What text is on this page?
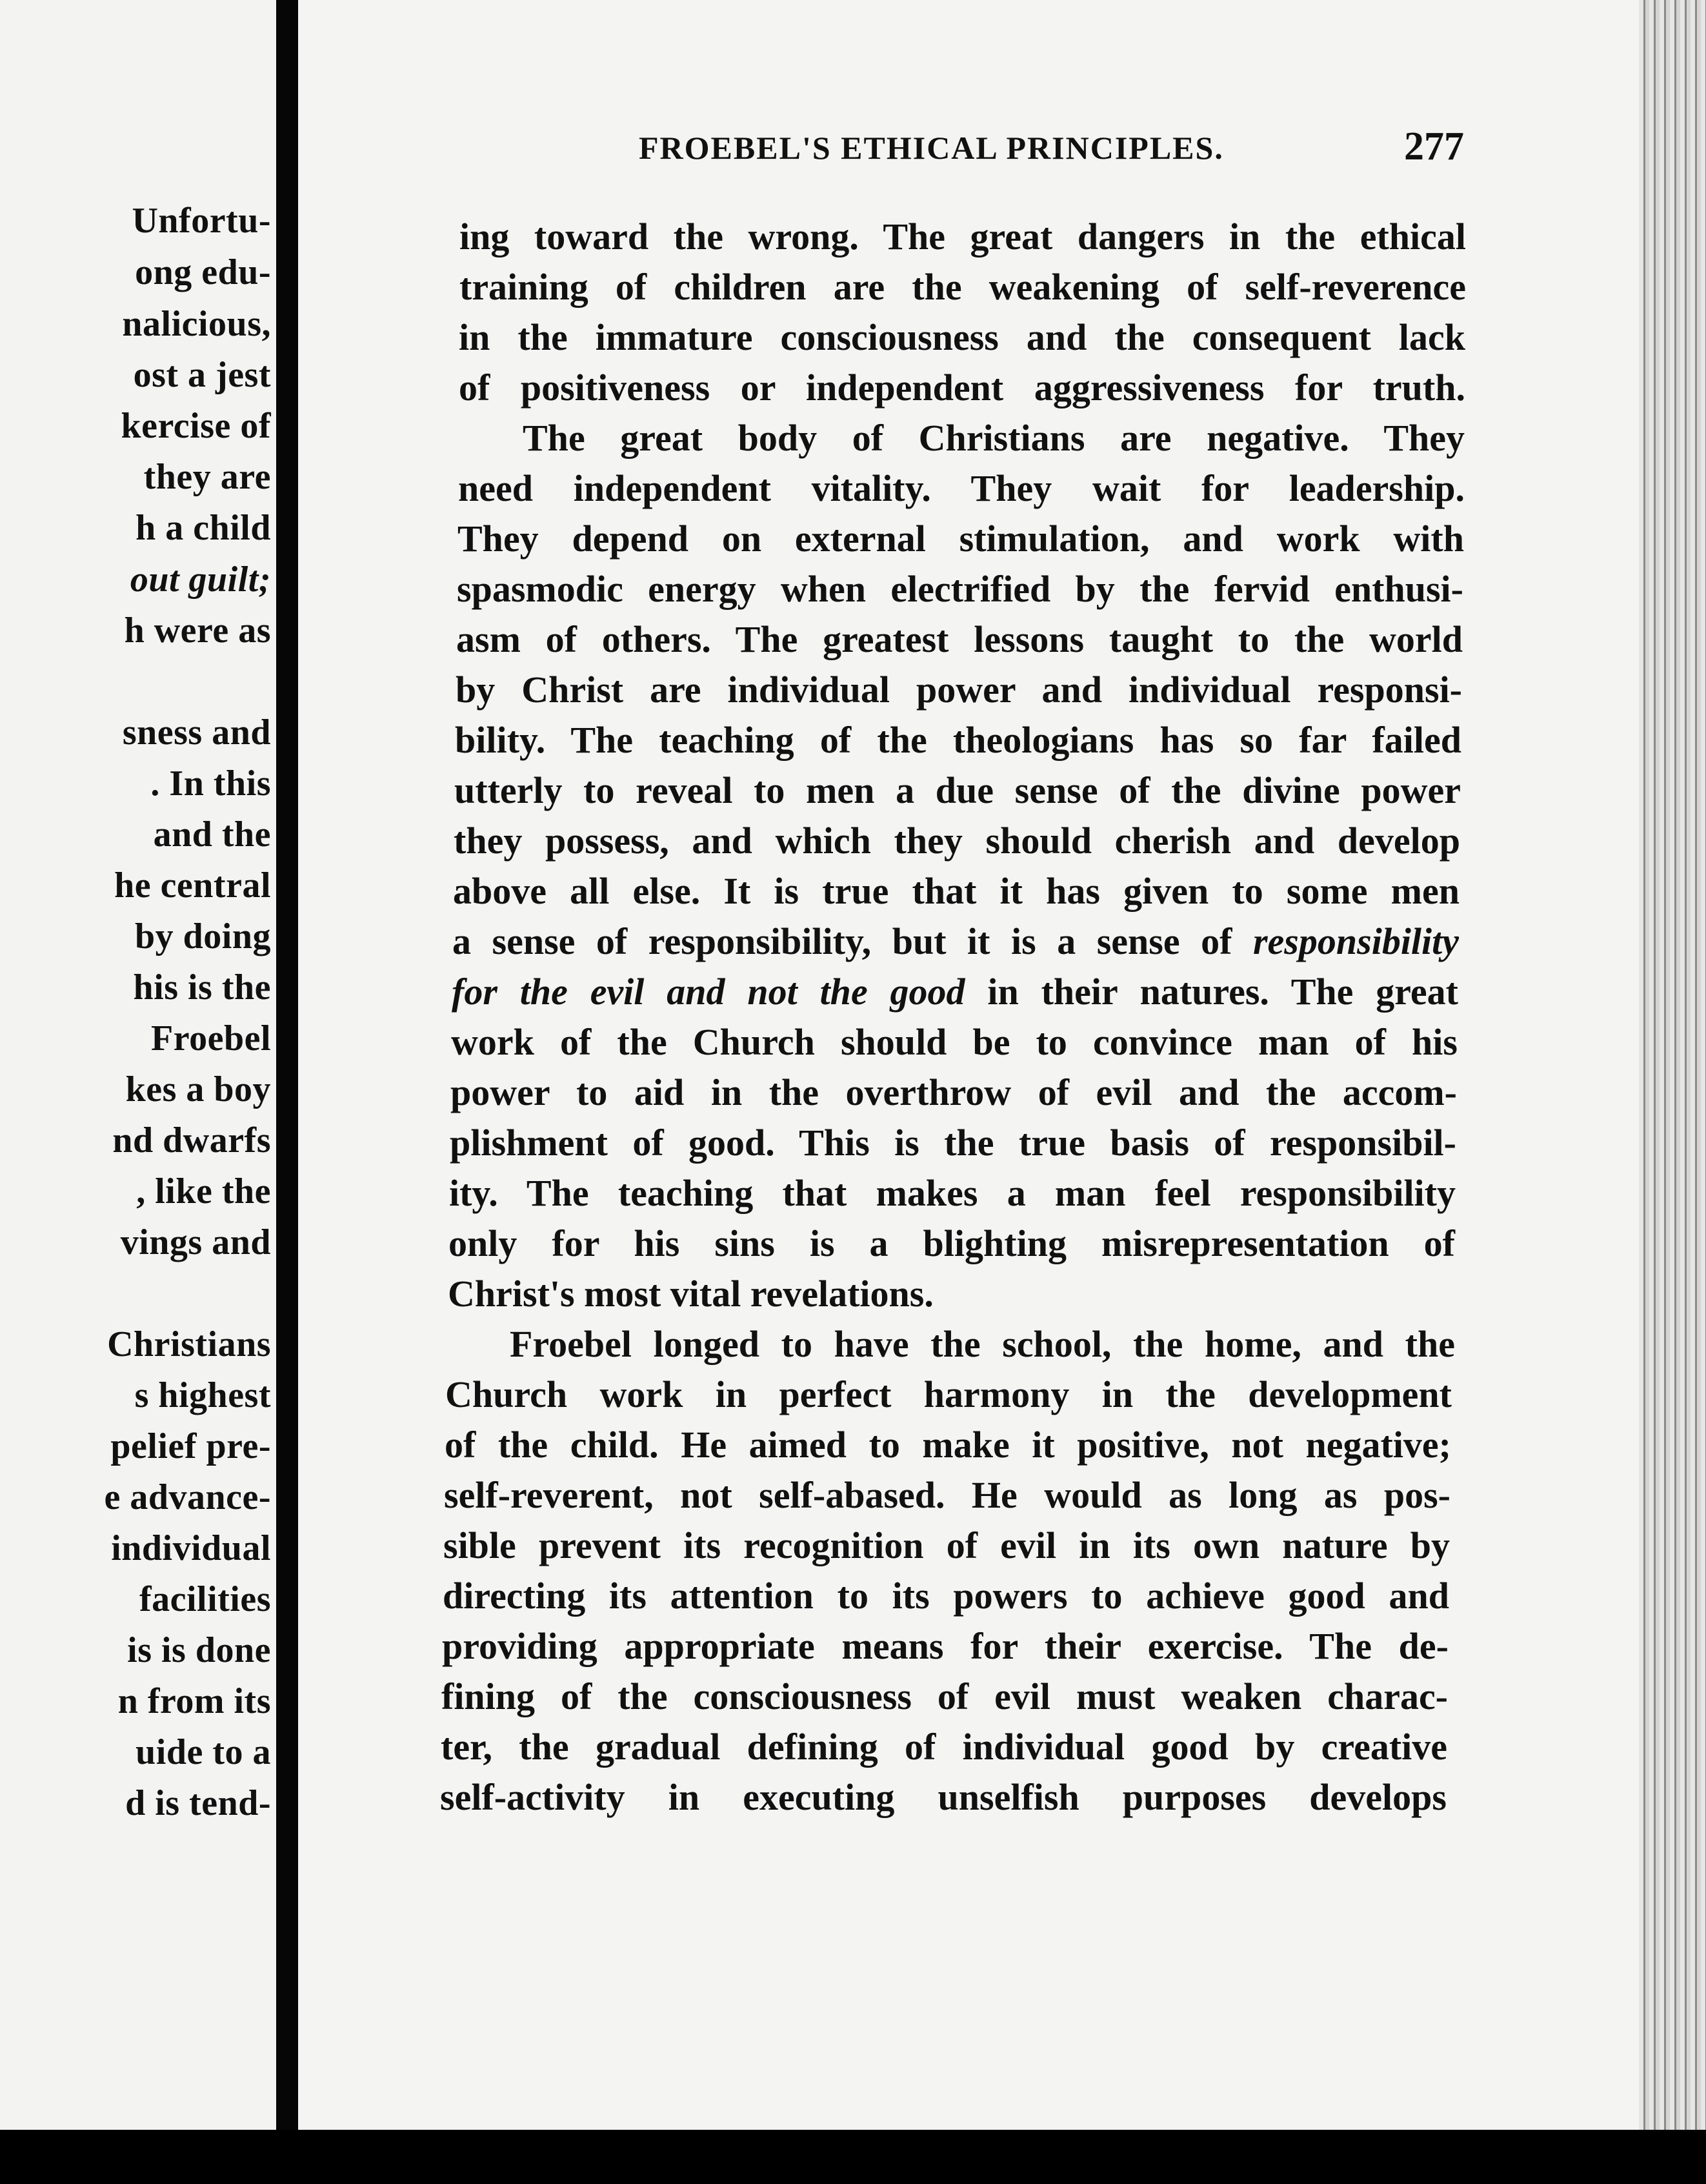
Unfortu-
ong edu-
nalicious,
ost a jest
kercise of
they are
h a child
out guilt;
h were as
sness and
. In this
and the
he central
by doing
his is the
Froebel
kes a boy
nd dwarfs
, like the
vings and
Christians
s highest
pelief pre-
e advance-
individual
facilities
is is done
n from its
uide to a
d is tend-
FROEBEL'S ETHICAL PRINCIPLES.	277
ing toward the wrong. The great dangers in the ethical
training of children are the weakening of self-reverence
in the immature consciousness and the consequent lack
of positiveness or independent aggressiveness for truth.
The great body of Christians are negative. They
need independent vitality. They wait for leadership.
They depend on external stimulation, and work with
spasmodic energy when electrified by the fervid enthusi-
asm of others. The greatest lessons taught to the world
by Christ are individual power and individual responsi-
bility. The teaching of the theologians has so far failed
utterly to reveal to men a due sense of the divine power
they possess, and which they should cherish and develop
above all else. It is true that it has given to some men
a sense of responsibility, but it is a sense of responsibility
for the evil and not the good in their natures. The great
work of the Church should be to convince man of his
power to aid in the overthrow of evil and the accom-
plishment of good. This is the true basis of responsibil-
ity. The teaching that makes a man feel responsibility
only for his sins is a blighting misrepresentation of
Christ's most vital revelations.
Froebel longed to have the school, the home, and the
Church work in perfect harmony in the development
of the child. He aimed to make it positive, not negative;
self-reverent, not self-abased. He would as long as pos-
sible prevent its recognition of evil in its own nature by
directing its attention to its powers to achieve good and
providing appropriate means for their exercise. The de-
fining of the consciousness of evil must weaken charac-
ter, the gradual defining of individual good by creative
self-activity in executing unselfish purposes develops
